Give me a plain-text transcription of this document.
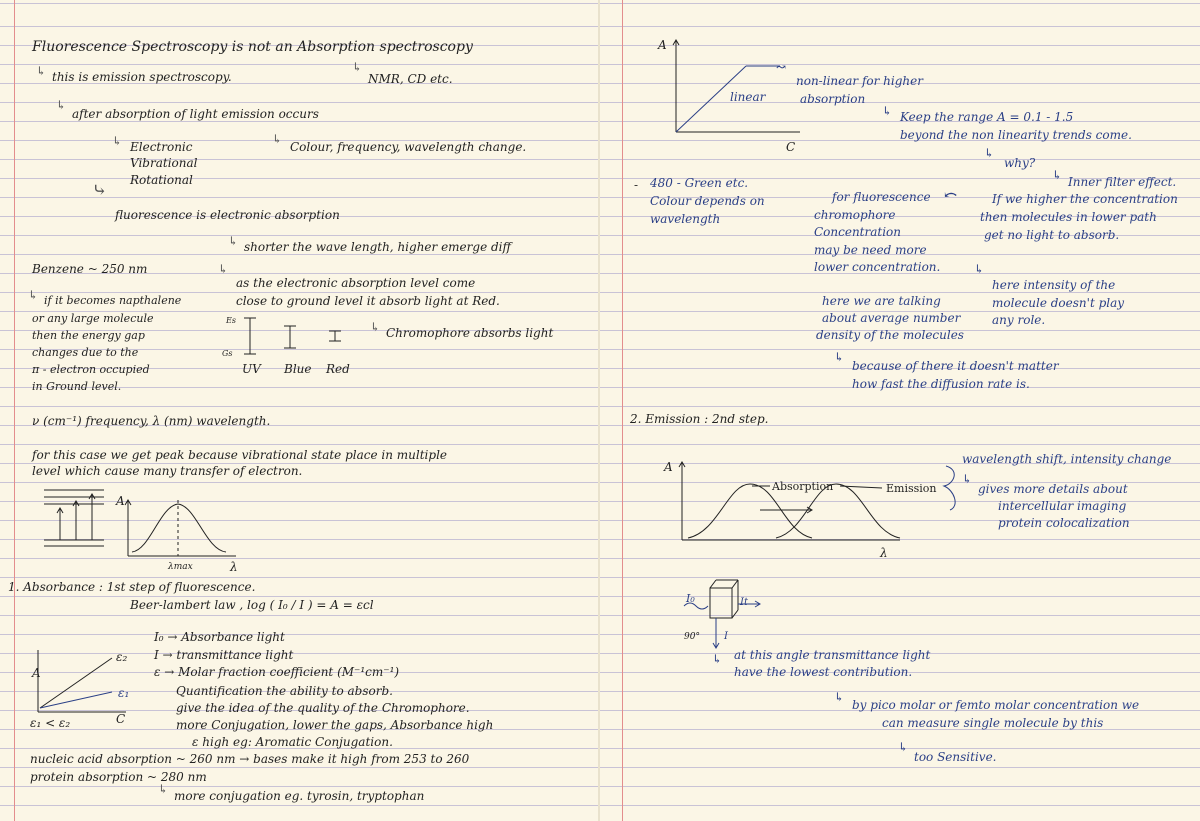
Fluorescence Spectroscopy is not an Absorption spectroscopy
↳ this is emission spectroscopy.
↳
NMR, CD etc.
↳
after absorption of light emission occurs
↳ Electronic
Vibrational
Rotational
↳
Colour, frequency, wavelength change.
⤷
fluorescence is electronic absorption
↳ shorter the wave length, higher emerge diff
Benzene ~ 250 nm	↳
as the electronic absorption level come
close to ground level it absorb light at Red.
↳ if it becomes napthalene
or any large molecule
then the energy gap
changes due to the
π - electron occupied
in Ground level.
Es
Gs
UV Blue Red
↳ Chromophore absorbs light
ν (cm⁻¹) frequency, λ (nm) wavelength.
for this case we get peak because vibrational state place in multiple
level which cause many transfer of electron.
A
λmax	λ
1. Absorbance : 1st step of fluorescence.
Beer-lambert law , log ( I₀ / I ) = A = εcl
I₀ → Absorbance light
I → transmittance light
ε → Molar fraction coefficient (M⁻¹cm⁻¹)
Quantification the ability to absorb.
give the idea of the quality of the Chromophore.
more Conjugation, lower the gaps, Absorbance high
ε high eg: Aromatic Conjugation.
A
C
ε₂
ε₁
ε₁ < ε₂
nucleic acid absorption ~ 260 nm → bases make it high from 253 to 260
protein absorption ~ 280 nm
↳ more conjugation eg. tyrosin, tryptophan
A
C
linear
↝
non-linear for higher
absorption
↳ Keep the range A = 0.1 - 1.5
beyond the non linearity trends come.
↳
why?
↳ Inner filter effect.
If we higher the concentration
then molecules in lower path
get no light to absorb.
- 480 - Green etc.
Colour depends on
wavelength
for fluorescence
chromophore
Concentration
may be need more
lower concentration.
⤺
↳
here intensity of the
molecule doesn't play
any role.
here we are talking
about average number
density of the molecules
↳
because of there it doesn't matter
how fast the diffusion rate is.
2. Emission : 2nd step.
A
λ
Absorption	Emission
wavelength shift, intensity change
↳
gives more details about
intercellular imaging
protein colocalization
I₀	It
I
90°
↳ at this angle transmittance light
have the lowest contribution.
↳
by pico molar or femto molar concentration we
can measure single molecule by this
↳
too Sensitive.
